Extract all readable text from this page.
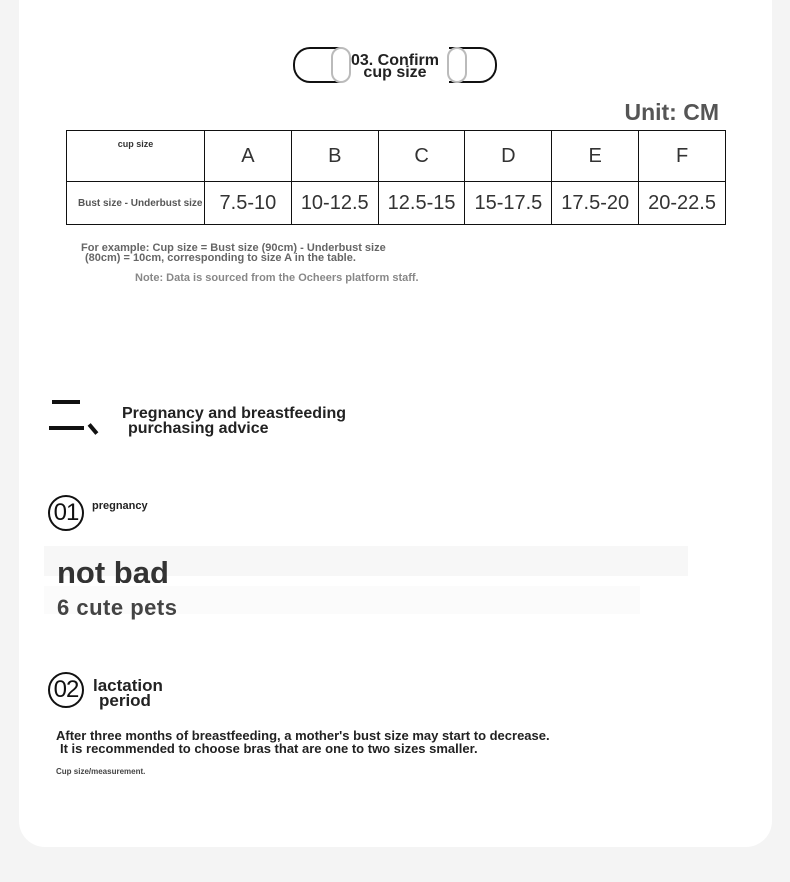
03. Confirm
cup size
Unit: CM
cup size	A	B	C	D	E	F
Bust size - Underbust size	7.5-10	10-12.5	12.5-15	15-17.5	17.5-20	20-22.5
For example: Cup size = Bust size (90cm) - Underbust size
(80cm) = 10cm, corresponding to size A in the table.
Note: Data is sourced from the Ocheers platform staff.
Pregnancy and breastfeeding
purchasing advice
01	pregnancy
not bad
6 cute pets
02 lactation
period
After three months of breastfeeding, a mother's bust size may start to decrease.
It is recommended to choose bras that are one to two sizes smaller.
Cup size/measurement.
